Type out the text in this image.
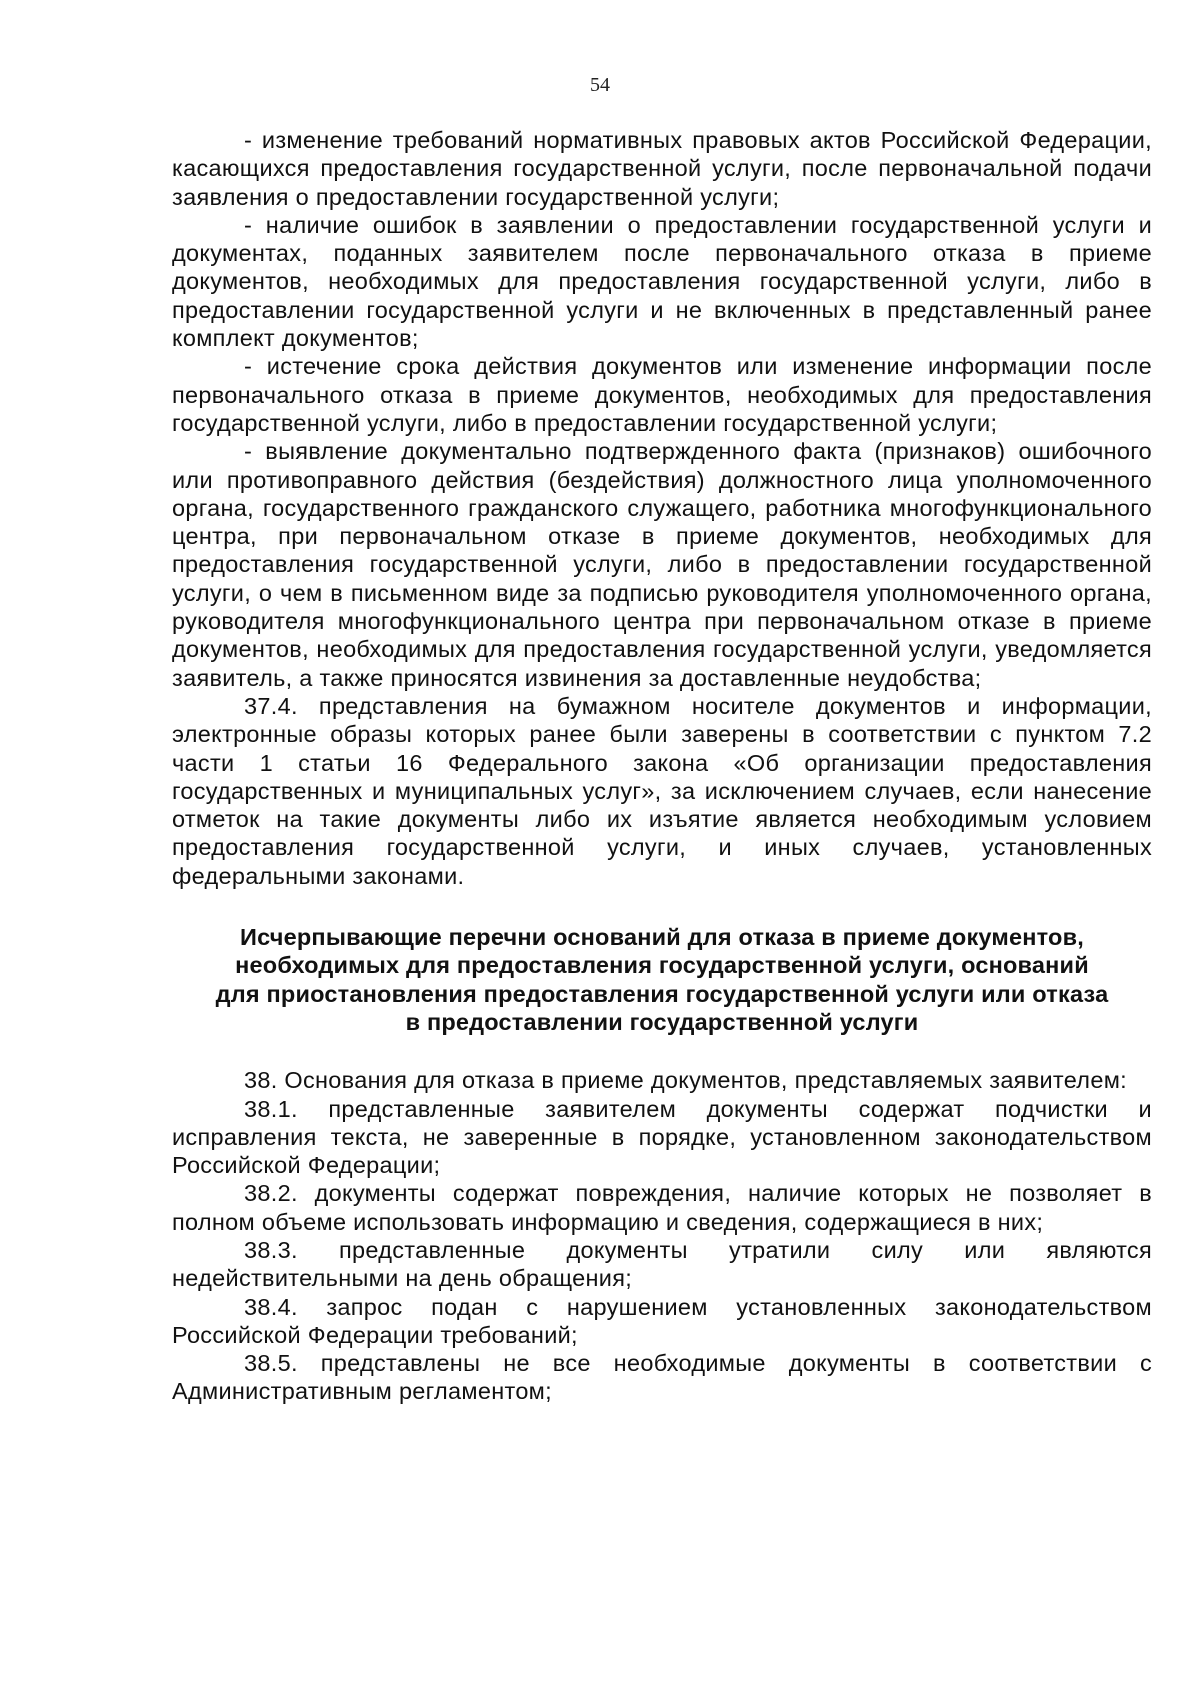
54

- изменение требований нормативных правовых актов Российской Федерации, касающихся предоставления государственной услуги, после первоначальной подачи заявления о предоставлении государственной услуги;

- наличие ошибок в заявлении о предоставлении государственной услуги и документах, поданных заявителем после первоначального отказа в приеме документов, необходимых для предоставления государственной услуги, либо в предоставлении государственной услуги и не включенных в представленный ранее комплект документов;

- истечение срока действия документов или изменение информации после первоначального отказа в приеме документов, необходимых для предоставления государственной услуги, либо в предоставлении государственной услуги;

- выявление документально подтвержденного факта (признаков) ошибочного или противоправного действия (бездействия) должностного лица уполномоченного органа, государственного гражданского служащего, работника многофункционального центра, при первоначальном отказе в приеме документов, необходимых для предоставления государственной услуги, либо в предоставлении государственной услуги, о чем в письменном виде за подписью руководителя уполномоченного органа, руководителя многофункционального центра при первоначальном отказе в приеме документов, необходимых для предоставления государственной услуги, уведомляется заявитель, а также приносятся извинения за доставленные неудобства;

37.4. представления на бумажном носителе документов и информации, электронные образы которых ранее были заверены в соответствии с пунктом 7.2 части 1 статьи 16 Федерального закона «Об организации предоставления государственных и муниципальных услуг», за исключением случаев, если нанесение отметок на такие документы либо их изъятие является необходимым условием предоставления государственной услуги, и иных случаев, установленных федеральными законами.

Исчерпывающие перечни оснований для отказа в приеме документов, необходимых для предоставления государственной услуги, оснований для приостановления предоставления государственной услуги или отказа в предоставлении государственной услуги

38. Основания для отказа в приеме документов, представляемых заявителем:

38.1. представленные заявителем документы содержат подчистки и исправления текста, не заверенные в порядке, установленном законодательством Российской Федерации;

38.2. документы содержат повреждения, наличие которых не позволяет в полном объеме использовать информацию и сведения, содержащиеся в них;

38.3. представленные документы утратили силу или являются недействительными на день обращения;

38.4. запрос подан с нарушением установленных законодательством Российской Федерации требований;

38.5. представлены не все необходимые документы в соответствии с Административным регламентом;
